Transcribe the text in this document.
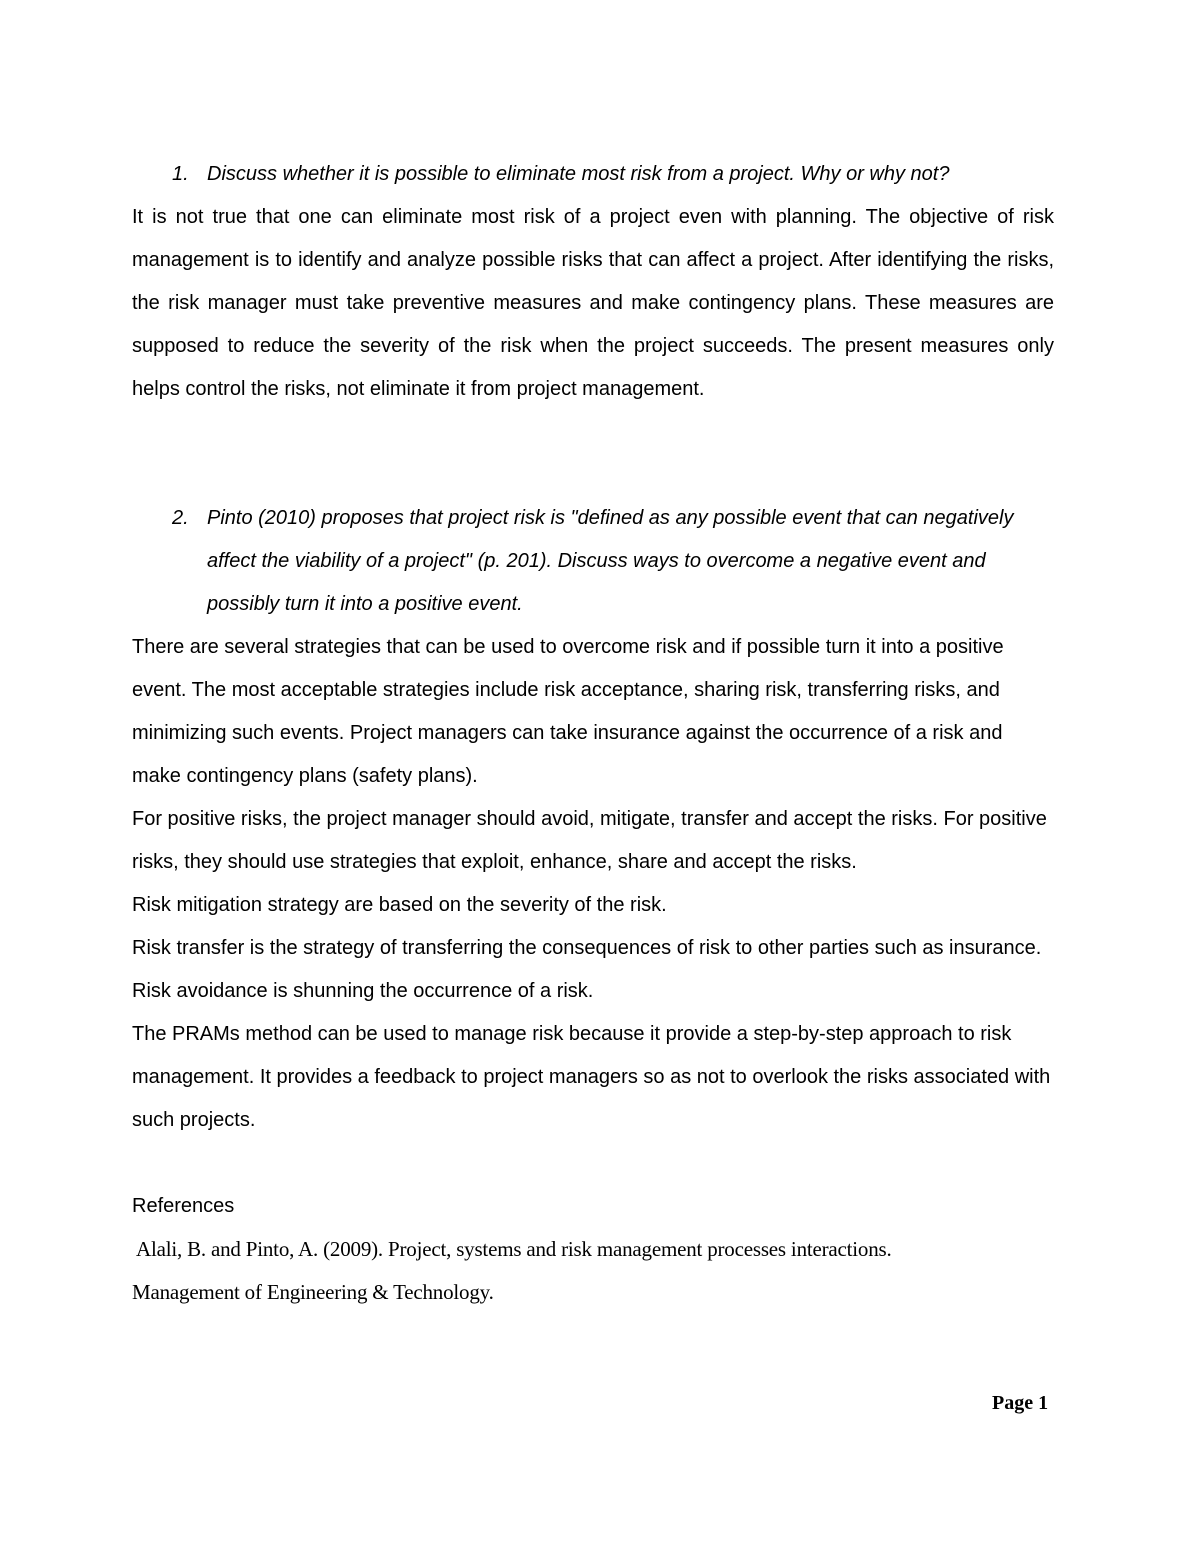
1. Discuss whether it is possible to eliminate most risk from a project. Why or why not?

It is not true that one can eliminate most risk of a project even with planning. The objective of risk management is to identify and analyze possible risks that can affect a project. After identifying the risks, the risk manager must take preventive measures and make contingency plans. These measures are supposed to reduce the severity of the risk when the project succeeds. The present measures only helps control the risks, not eliminate it from project management.

2. Pinto (2010) proposes that project risk is "defined as any possible event that can negatively affect the viability of a project" (p. 201). Discuss ways to overcome a negative event and possibly turn it into a positive event.

There are several strategies that can be used to overcome risk and if possible turn it into a positive event. The most acceptable strategies include risk acceptance, sharing risk, transferring risks, and minimizing such events. Project managers can take insurance against the occurrence of a risk and make contingency plans (safety plans).

For positive risks, the project manager should avoid, mitigate, transfer and accept the risks. For positive risks, they should use strategies that exploit, enhance, share and accept the risks.

Risk mitigation strategy are based on the severity of the risk.

Risk transfer is the strategy of transferring the consequences of risk to other parties such as insurance. Risk avoidance is shunning the occurrence of a risk.

The PRAMs method can be used to manage risk because it provide a step-by-step approach to risk management. It provides a feedback to project managers so as not to overlook the risks associated with such projects.

References

Alali, B. and Pinto, A. (2009). Project, systems and risk management processes interactions.

Management of Engineering & Technology.

Page 1
